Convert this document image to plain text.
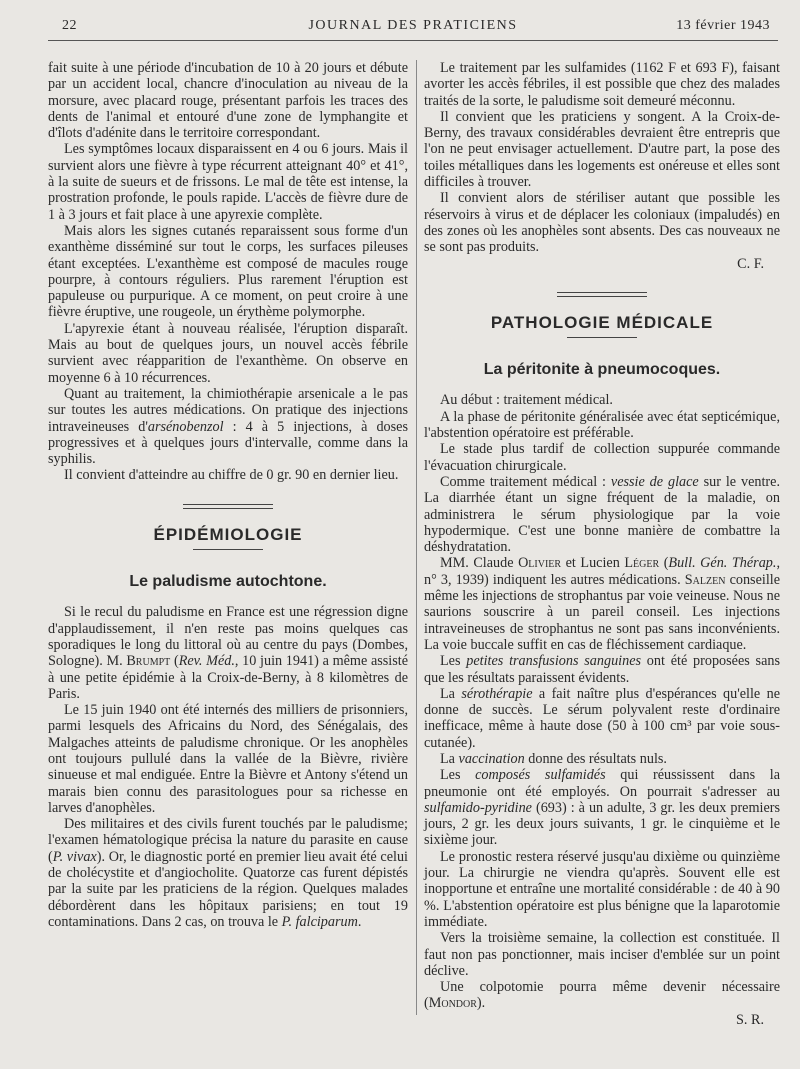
22	JOURNAL DES PRATICIENS	13 février 1943

fait suite à une période d'incubation de 10 à 20 jours et débute par un accident local, chancre d'inoculation au niveau de la morsure, avec placard rouge, présentant parfois les traces des dents de l'animal et entouré d'une zone de lymphangite et d'îlots d'adénite dans le territoire correspondant.

Les symptômes locaux disparaissent en 4 ou 6 jours. Mais il survient alors une fièvre à type récurrent atteignant 40° et 41°, à la suite de sueurs et de frissons. Le mal de tête est intense, la prostration profonde, le pouls rapide. L'accès de fièvre dure de 1 à 3 jours et fait place à une apyrexie complète.

Mais alors les signes cutanés reparaissent sous forme d'un exanthème disséminé sur tout le corps, les surfaces pileuses étant exceptées. L'exanthème est composé de macules rouge pourpre, à contours réguliers. Plus rarement l'éruption est papuleuse ou purpurique. A ce moment, on peut croire à une fièvre éruptive, une rougeole, un érythème polymorphe.

L'apyrexie étant à nouveau réalisée, l'éruption disparaît. Mais au bout de quelques jours, un nouvel accès fébrile survient avec réapparition de l'exanthème. On observe en moyenne 6 à 10 récurrences.

Quant au traitement, la chimiothérapie arsenicale a le pas sur toutes les autres médications. On pratique des injections intraveineuses d'arsénobenzol : 4 à 5 injections, à doses progressives et à quelques jours d'intervalle, comme dans la syphilis.

Il convient d'atteindre au chiffre de 0 gr. 90 en dernier lieu.

ÉPIDÉMIOLOGIE
Le paludisme autochtone.

Si le recul du paludisme en France est une régression digne d'applaudissement, il n'en reste pas moins quelques cas sporadiques le long du littoral où au centre du pays (Dombes, Sologne). M. Brumpt (Rev. Méd., 10 juin 1941) a même assisté à une petite épidémie à la Croix-de-Berny, à 8 kilomètres de Paris.

Le 15 juin 1940 ont été internés des milliers de prisonniers, parmi lesquels des Africains du Nord, des Sénégalais, des Malgaches atteints de paludisme chronique. Or les anophèles ont toujours pullulé dans la vallée de la Bièvre, rivière sinueuse et mal endiguée. Entre la Bièvre et Antony s'étend un marais bien connu des parasitologues pour sa richesse en larves d'anophèles.

Des militaires et des civils furent touchés par le paludisme; l'examen hématologique précisa la nature du parasite en cause (P. vivax). Or, le diagnostic porté en premier lieu avait été celui de cholécystite et d'angiocholite. Quatorze cas furent dépistés par la suite par les praticiens de la région. Quelques malades débordèrent dans les hôpitaux parisiens; en tout 19 contaminations. Dans 2 cas, on trouva le P. falciparum.

Le traitement par les sulfamides (1162 F et 693 F), faisant avorter les accès fébriles, il est possible que chez des malades traités de la sorte, le paludisme soit demeuré méconnu.

Il convient que les praticiens y songent. A la Croix-de-Berny, des travaux considérables devraient être entrepris que l'on ne peut envisager actuellement. D'autre part, la pose des toiles métalliques dans les logements est onéreuse et elles sont difficiles à trouver.

Il convient alors de stériliser autant que possible les réservoirs à virus et de déplacer les coloniaux (impaludés) en des zones où les anophèles sont absents. Des cas nouveaux ne se sont pas produits.

C. F.

PATHOLOGIE MÉDICALE
La péritonite à pneumocoques.

Au début : traitement médical.

A la phase de péritonite généralisée avec état septicémique, l'abstention opératoire est préférable.

Le stade plus tardif de collection suppurée commande l'évacuation chirurgicale.

Comme traitement médical : vessie de glace sur le ventre. La diarrhée étant un signe fréquent de la maladie, on administrera le sérum physiologique par la voie hypodermique. C'est une bonne manière de combattre la déshydratation.

MM. Claude Olivier et Lucien Léger (Bull. Gén. Thérap., n° 3, 1939) indiquent les autres médications. Salzen conseille même les injections de strophantus par voie veineuse. Nous ne saurions souscrire à un pareil conseil. Les injections intraveineuses de strophantus ne sont pas sans inconvénients. La voie buccale suffit en cas de fléchissement cardiaque.

Les petites transfusions sanguines ont été proposées sans que les résultats paraissent évidents.

La sérothérapie a fait naître plus d'espérances qu'elle ne donne de succès. Le sérum polyvalent reste d'ordinaire inefficace, même à haute dose (50 à 100 cm³ par voie sous-cutanée).

La vaccination donne des résultats nuls.

Les composés sulfamidés qui réussissent dans la pneumonie ont été employés. On pourrait s'adresser au sulfamido-pyridine (693) : à un adulte, 3 gr. les deux premiers jours, 2 gr. les deux jours suivants, 1 gr. le cinquième et le sixième jour.

Le pronostic restera réservé jusqu'au dixième ou quinzième jour. La chirurgie ne viendra qu'après. Souvent elle est inopportune et entraîne une mortalité considérable : de 40 à 90 %. L'abstention opératoire est plus bénigne que la laparotomie immédiate.

Vers la troisième semaine, la collection est constituée. Il faut non pas ponctionner, mais inciser d'emblée sur un point déclive.

Une colpotomie pourra même devenir nécessaire (Mondor).

S. R.
